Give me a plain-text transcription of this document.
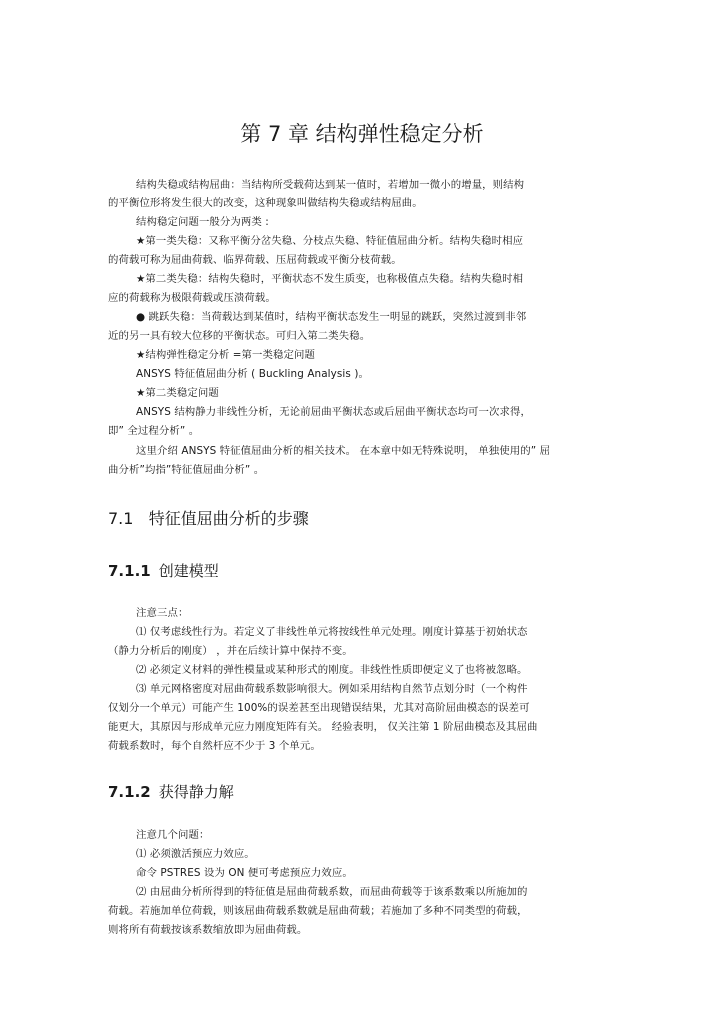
第 7 章 结构弹性稳定分析
结构失稳或结构屈曲：当结构所受载荷达到某一值时，若增加一微小的增量，则结构
的平衡位形将发生很大的改变，这种现象叫做结构失稳或结构屈曲。
结构稳定问题一般分为两类 :
★第一类失稳：又称平衡分岔失稳、分枝点失稳、特征值屈曲分析。结构失稳时相应
的荷载可称为屈曲荷载、临界荷载、压屈荷载或平衡分枝荷载。
★第二类失稳：结构失稳时，平衡状态不发生质变，也称极值点失稳。结构失稳时相
应的荷载称为极限荷载或压溃荷载。
● 跳跃失稳：当荷载达到某值时，结构平衡状态发生一明显的跳跃，突然过渡到非邻
近的另一具有较大位移的平衡状态。可归入第二类失稳。
★结构弹性稳定分析 =第一类稳定问题
ANSYS 特征值屈曲分析 ( Buckling Analysis )。
★第二类稳定问题
ANSYS 结构静力非线性分析，无论前屈曲平衡状态或后屈曲平衡状态均可一次求得，
即” 全过程分析” 。
这里介绍 ANSYS 特征值屈曲分析的相关技术。 在本章中如无特殊说明， 单独使用的” 屈
曲分析”均指”特征值屈曲分析” 。
7.1 特征值屈曲分析的步骤
7.1.1 创建模型
注意三点：
⑴ 仅考虑线性行为。若定义了非线性单元将按线性单元处理。刚度计算基于初始状态
（静力分析后的刚度） ，并在后续计算中保持不变。
⑵ 必须定义材料的弹性模量或某种形式的刚度。非线性性质即便定义了也将被忽略。
⑶ 单元网格密度对屈曲荷载系数影响很大。例如采用结构自然节点划分时（一个构件
仅划分一个单元）可能产生 100%的误差甚至出现错误结果，尤其对高阶屈曲模态的误差可
能更大，其原因与形成单元应力刚度矩阵有关。 经验表明， 仅关注第 1 阶屈曲模态及其屈曲
荷载系数时，每个自然杆应不少于 3 个单元。
7.1.2 获得静力解
注意几个问题：
⑴ 必须激活预应力效应。
命令 PSTRES 设为 ON 便可考虑预应力效应。
⑵ 由屈曲分析所得到的特征值是屈曲荷载系数，而屈曲荷载等于该系数乘以所施加的
荷载。若施加单位荷载，则该屈曲荷载系数就是屈曲荷载；若施加了多种不同类型的荷载，
则将所有荷载按该系数缩放即为屈曲荷载。
